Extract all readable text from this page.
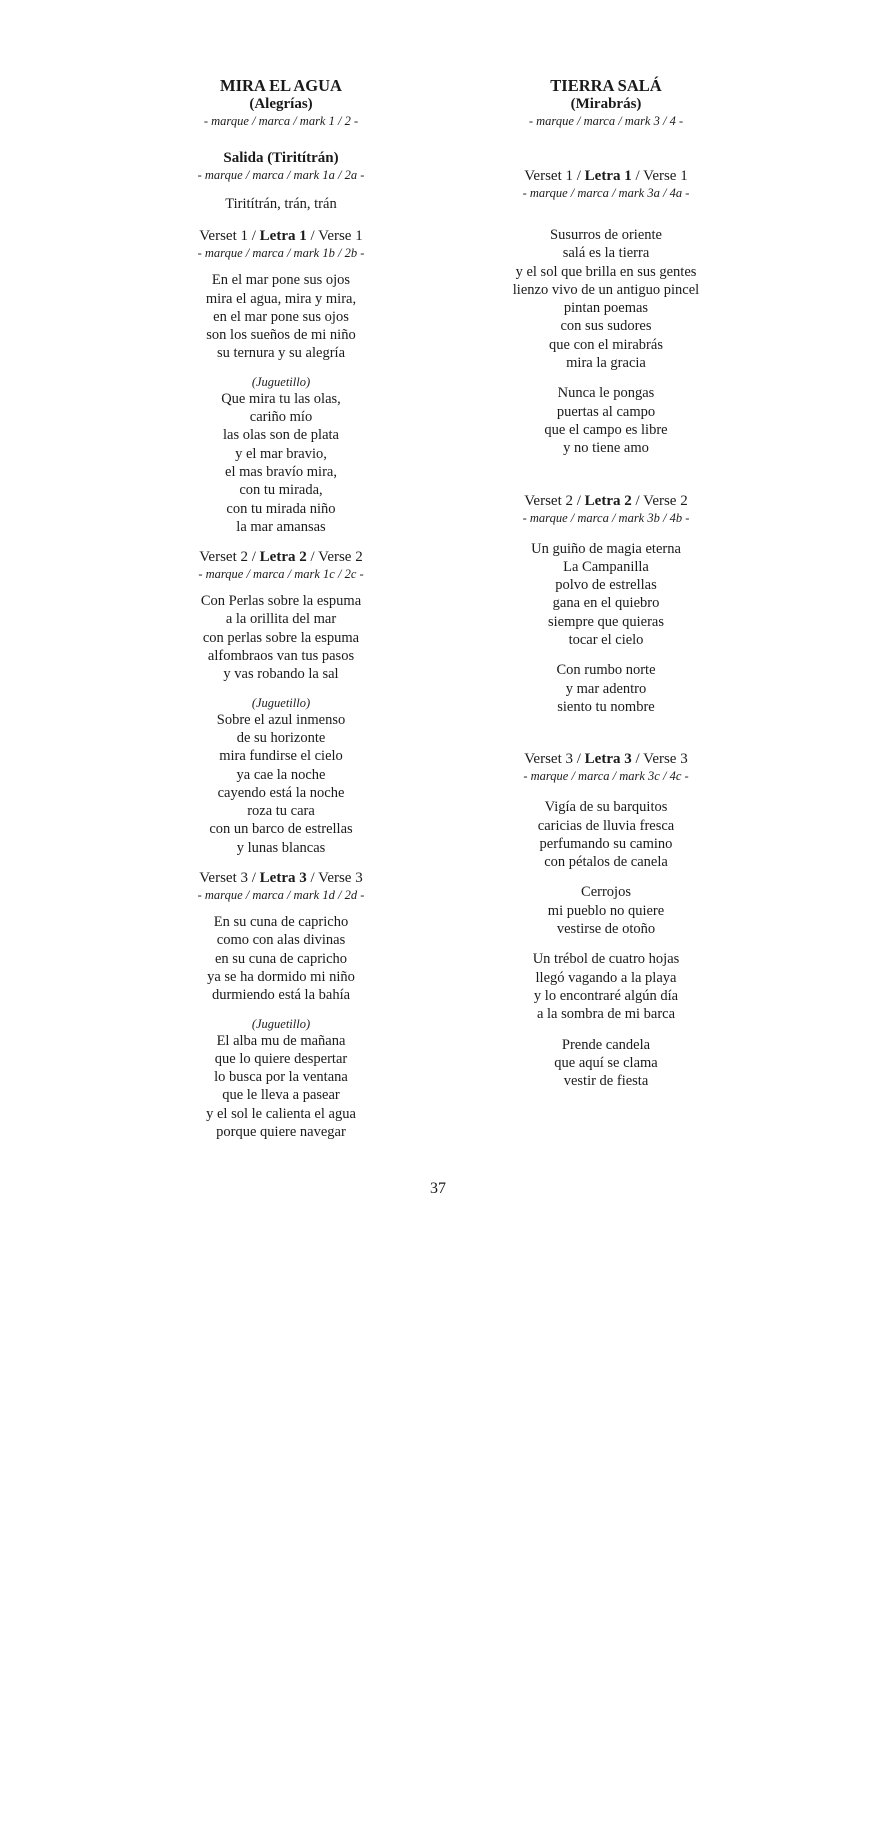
MIRA EL AGUA

(Alegrías)

- marque / marca / mark 1 / 2 -

Salida (Tiritítrán)

- marque / marca / mark 1a / 2a -

Tiritítrán, trán, trán

Verset 1 / Letra 1 / Verse 1

- marque / marca / mark 1b / 2b -

En el mar pone sus ojos

mira el agua, mira y mira,

en el mar pone sus ojos

son los sueños de mi niño

su ternura y su alegría

(Juguetillo)

Que mira tu las olas,

cariño mío

las olas son de plata

y el mar bravio,

el mas bravío mira,

con tu mirada,

con tu mirada niño

la mar amansas

Verset 2 / Letra 2 / Verse 2

- marque / marca / mark 1c / 2c -

Con Perlas sobre la espuma

a la orillita del mar

con perlas sobre la espuma

alfombraos van tus pasos

y vas robando la sal

(Juguetillo)

Sobre el azul inmenso

de su horizonte

mira fundirse el cielo

ya cae la noche

cayendo está la noche

roza tu cara

con un barco de estrellas

y lunas blancas

Verset 3 / Letra 3 / Verse 3

- marque / marca / mark 1d / 2d -

En su cuna de capricho

como con alas divinas

en su cuna de capricho

ya se ha dormido mi niño

durmiendo está la bahía

(Juguetillo)

El alba mu de mañana

que lo quiere despertar

lo busca por la ventana

que le lleva a pasear

y el sol le calienta el agua

porque quiere navegar

TIERRA SALÁ

(Mirabrás)

- marque / marca / mark 3 / 4 -

Verset 1 / Letra 1 / Verse 1

- marque / marca / mark 3a / 4a -

Susurros de oriente

salá es la tierra

y el sol que brilla en sus gentes

lienzo vivo de un antiguo pincel

pintan poemas

con sus sudores

que con el mirabrás

mira la gracia

Nunca le pongas

puertas al campo

que el campo es libre

y no tiene amo

Verset 2 / Letra 2 / Verse 2

- marque / marca / mark 3b / 4b -

Un guiño de magia eterna

La Campanilla

polvo de estrellas

gana en el quiebro

siempre que quieras

tocar el cielo

Con rumbo norte

y mar adentro

siento tu nombre

Verset 3 / Letra 3 / Verse 3

- marque / marca / mark 3c / 4c -

Vigía de su barquitos

caricias de lluvia fresca

perfumando su camino

con pétalos de canela

Cerrojos

mi pueblo no quiere

vestirse de otoño

Un trébol de cuatro hojas

llegó vagando a la playa

y lo encontraré algún día

a la sombra de mi barca

Prende candela

que aquí se clama

vestir de fiesta

37
